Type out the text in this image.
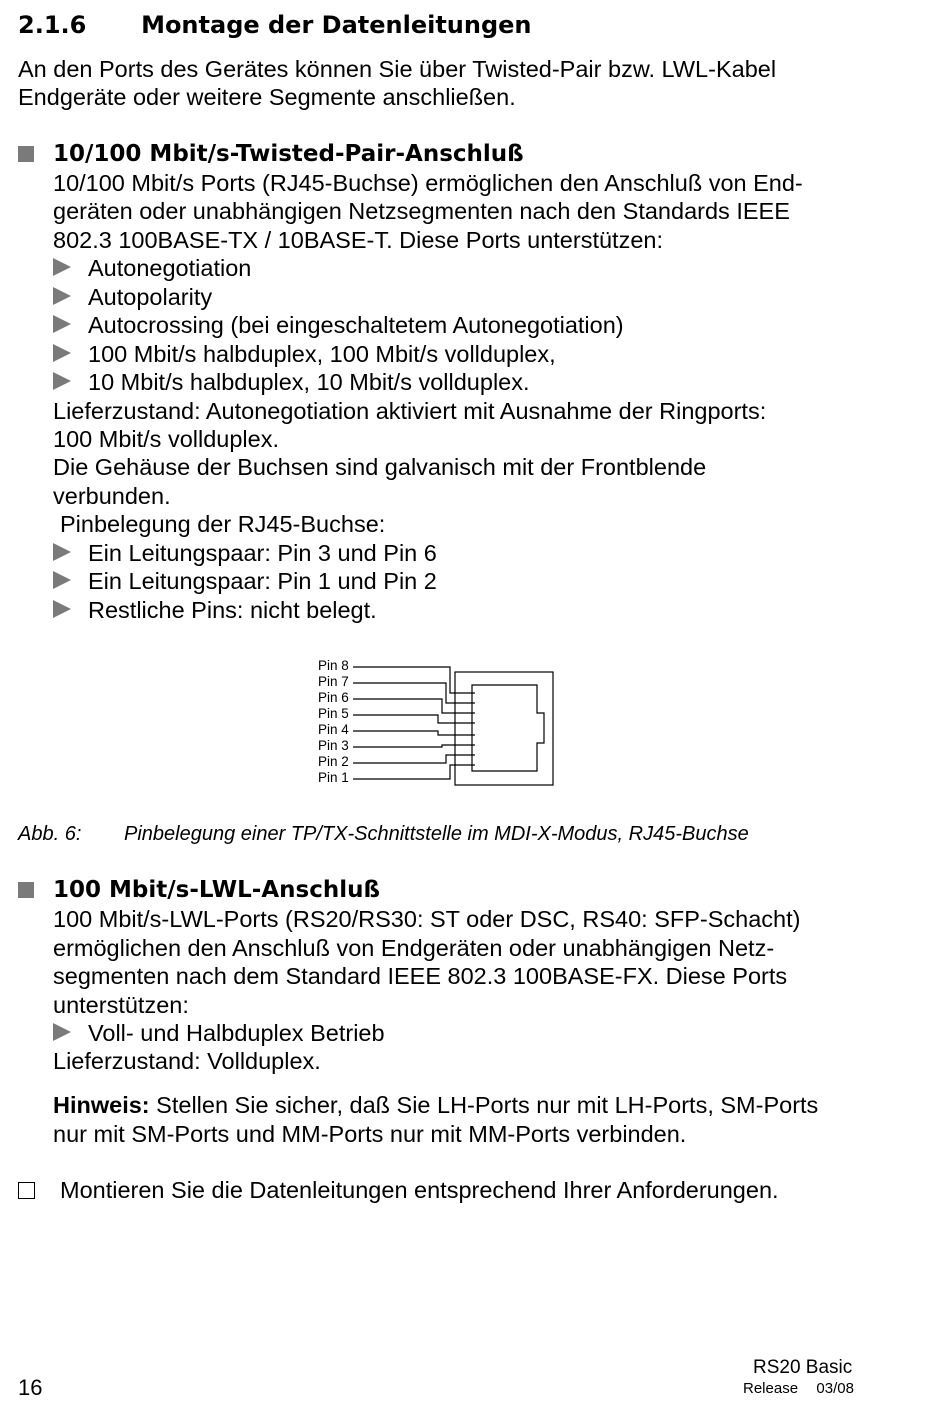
2.1.6 Montage der Datenleitungen
An den Ports des Gerätes können Sie über Twisted-Pair bzw. LWL-Kabel
Endgeräte oder weitere Segmente anschließen.
10/100 Mbit/s-Twisted-Pair-Anschluß
10/100 Mbit/s Ports (RJ45-Buchse) ermöglichen den Anschluß von End-
geräten oder unabhängigen Netzsegmenten nach den Standards IEEE
802.3 100BASE-TX / 10BASE-T. Diese Ports unterstützen:
Autonegotiation
Autopolarity
Autocrossing (bei eingeschaltetem Autonegotiation)
100 Mbit/s halbduplex, 100 Mbit/s vollduplex,
10 Mbit/s halbduplex, 10 Mbit/s vollduplex.
Lieferzustand: Autonegotiation aktiviert mit Ausnahme der Ringports:
100 Mbit/s vollduplex.
Die Gehäuse der Buchsen sind galvanisch mit der Frontblende
verbunden.
Pinbelegung der RJ45-Buchse:
Ein Leitungspaar: Pin 3 und Pin 6
Ein Leitungspaar: Pin 1 und Pin 2
Restliche Pins: nicht belegt.
Pin 8
Pin 7
Pin 6
Pin 5
Pin 4
Pin 3
Pin 2
Pin 1
Abb. 6: Pinbelegung einer TP/TX-Schnittstelle im MDI-X-Modus, RJ45-Buchse
100 Mbit/s-LWL-Anschluß
100 Mbit/s-LWL-Ports (RS20/RS30: ST oder DSC, RS40: SFP-Schacht)
ermöglichen den Anschluß von Endgeräten oder unabhängigen Netz-
segmenten nach dem Standard IEEE 802.3 100BASE-FX. Diese Ports
unterstützen:
Voll- und Halbduplex Betrieb
Lieferzustand: Vollduplex.
Hinweis: Stellen Sie sicher, daß Sie LH-Ports nur mit LH-Ports, SM-Ports
nur mit SM-Ports und MM-Ports nur mit MM-Ports verbinden.
Montieren Sie die Datenleitungen entsprechend Ihrer Anforderungen.
16
RS20 Basic
Release 03/08
